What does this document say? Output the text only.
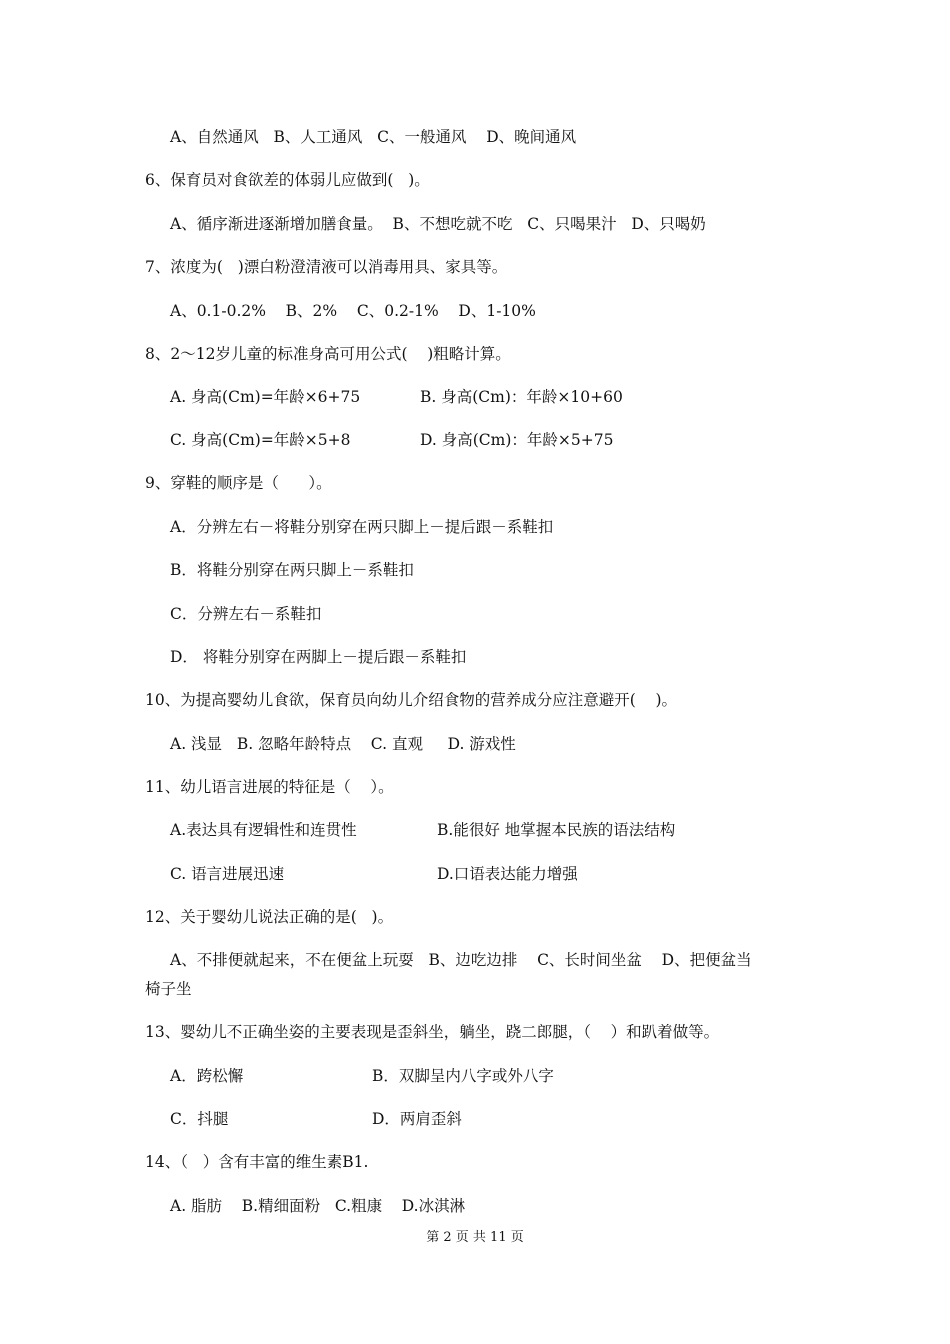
A、自然通风   B、人工通风   C、一般通风    D、晚间通风
6、保育员对食欲差的体弱儿应做到(   )。
A、循序渐进逐渐增加膳食量。  B、不想吃就不吃   C、只喝果汁   D、只喝奶
7、浓度为(   )漂白粉澄清液可以消毒用具、家具等。
A、0.1-0.2%    B、2%    C、0.2-1%    D、1-10%
8、2～12岁儿童的标准身高可用公式(    )粗略计算。
A. 身高(Cm)=年龄×6+75	B. 身高(Cm)：年龄×10+60
C. 身高(Cm)=年龄×5+8	D. 身高(Cm)：年龄×5+75
9、穿鞋的顺序是（      ）。
A．分辨左右－将鞋分别穿在两只脚上－提后跟－系鞋扣
B．将鞋分别穿在两只脚上－系鞋扣
C．分辨左右－系鞋扣
D． 将鞋分别穿在两脚上－提后跟－系鞋扣
10、为提高婴幼儿食欲，保育员向幼儿介绍食物的营养成分应注意避开(    )。
A. 浅显   B. 忽略年龄特点    C. 直观     D. 游戏性
11、幼儿语言进展的特征是（    ）。
A.表达具有逻辑性和连贯性	B.能很好 地掌握本民族的语法结构
C. 语言进展迅速	D.口语表达能力增强
12、关于婴幼儿说法正确的是(   )。
A、不排便就起来，不在便盆上玩耍   B、边吃边排    C、长时间坐盆    D、把便盆当
椅子坐
13、婴幼儿不正确坐姿的主要表现是歪斜坐，躺坐，跷二郎腿，（    ）和趴着做等。
A．跨松懈	B．双脚呈内八字或外八字
C．抖腿	D．两肩歪斜
14、（   ）含有丰富的维生素B1.
A. 脂肪    B.精细面粉   C.粗康    D.冰淇淋
第 2 页 共 11 页
